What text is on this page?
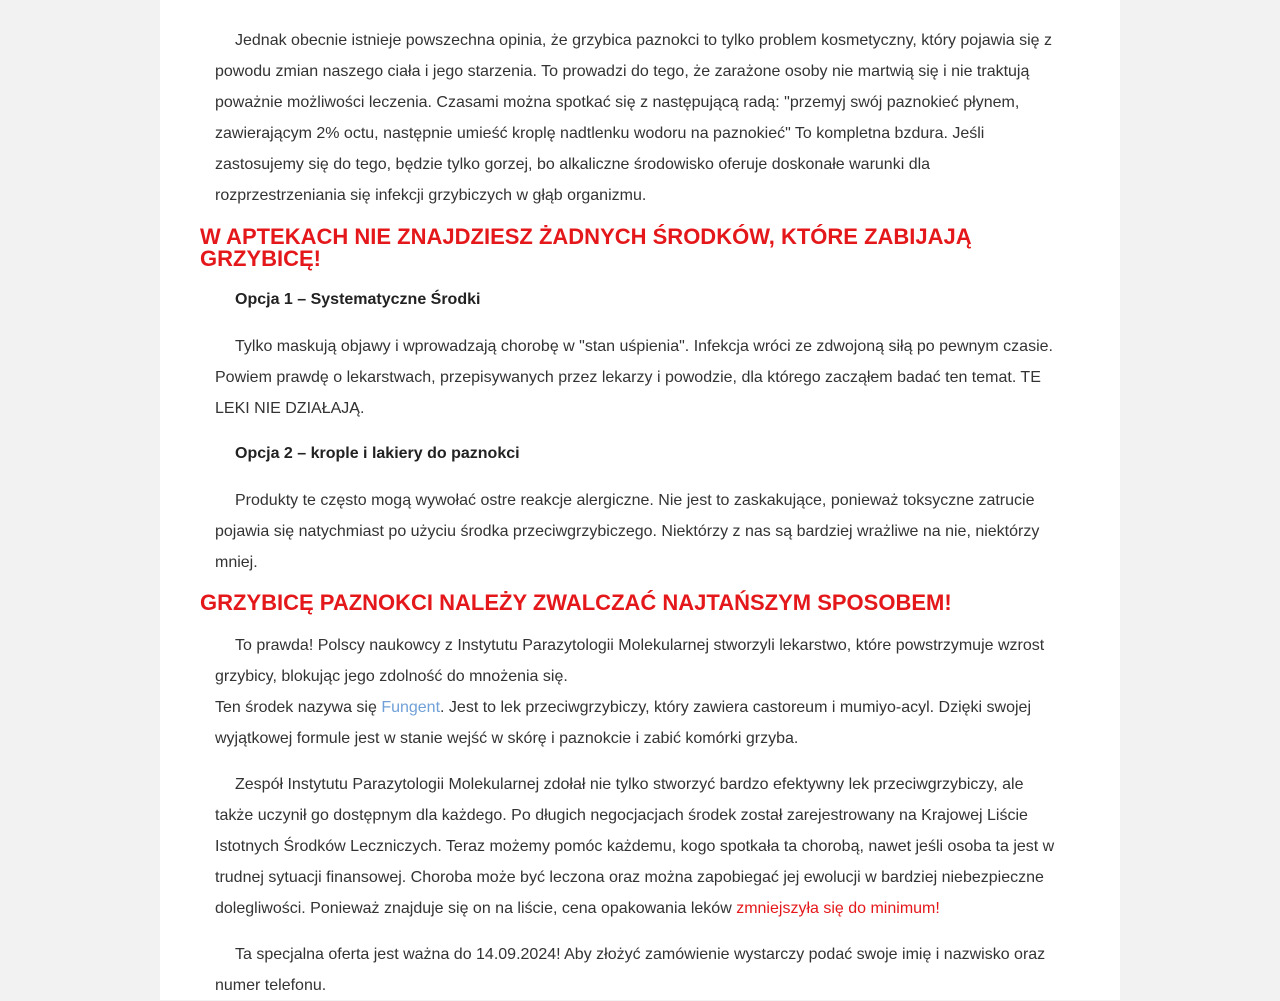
Jednak obecnie istnieje powszechna opinia, że grzybica paznokci to tylko problem kosmetyczny, który pojawia się z powodu zmian naszego ciała i jego starzenia. To prowadzi do tego, że zarażone osoby nie martwią się i nie traktują poważnie możliwości leczenia. Czasami można spotkać się z następującą radą: "przemyj swój paznokieć płynem, zawierającym 2% octu, następnie umieść kroplę nadtlenku wodoru na paznokieć" To kompletna bzdura. Jeśli zastosujemy się do tego, będzie tylko gorzej, bo alkaliczne środowisko oferuje doskonałe warunki dla rozprzestrzeniania się infekcji grzybiczych w głąb organizmu.

W APTEKACH NIE ZNAJDZIESZ ŻADNYCH ŚRODKÓW, KTÓRE ZABIJAJĄ GRZYBICĘ!
Opcja 1 – Systematyczne Środki

Tylko maskują objawy i wprowadzają chorobę w "stan uśpienia". Infekcja wróci ze zdwojoną siłą po pewnym czasie. Powiem prawdę o lekarstwach, przepisywanych przez lekarzy i powodzie, dla którego zacząłem badać ten temat. TE LEKI NIE DZIAŁAJĄ.

Opcja 2 – krople i lakiery do paznokci

Produkty te często mogą wywołać ostre reakcje alergiczne. Nie jest to zaskakujące, ponieważ toksyczne zatrucie pojawia się natychmiast po użyciu środka przeciwgrzybiczego. Niektórzy z nas są bardziej wrażliwe na nie, niektórzy mniej.

GRZYBICĘ PAZNOKCI NALEŻY ZWALCZAĆ NAJTAŃSZYM SPOSOBEM!

To prawda! Polscy naukowcy z Instytutu Parazytologii Molekularnej stworzyli lekarstwo, które powstrzymuje wzrost grzybicy, blokując jego zdolność do mnożenia się.
Ten środek nazywa się Fungent. Jest to lek przeciwgrzybiczy, który zawiera castoreum i mumiyo-acyl. Dzięki swojej wyjątkowej formule jest w stanie wejść w skórę i paznokcie i zabić komórki grzyba.

Zespół Instytutu Parazytologii Molekularnej zdołał nie tylko stworzyć bardzo efektywny lek przeciwgrzybiczy, ale także uczynił go dostępnym dla każdego. Po długich negocjacjach środek został zarejestrowany na Krajowej Liście Istotnych Środków Leczniczych. Teraz możemy pomóc każdemu, kogo spotkała ta chorobą, nawet jeśli osoba ta jest w trudnej sytuacji finansowej. Choroba może być leczona oraz można zapobiegać jej ewolucji w bardziej niebezpieczne dolegliwości. Ponieważ znajduje się on na liście, cena opakowania leków zmniejszyła się do minimum!

Ta specjalna oferta jest ważna do 14.09.2024! Aby złożyć zamówienie wystarczy podać swoje imię i nazwisko oraz numer telefonu.
